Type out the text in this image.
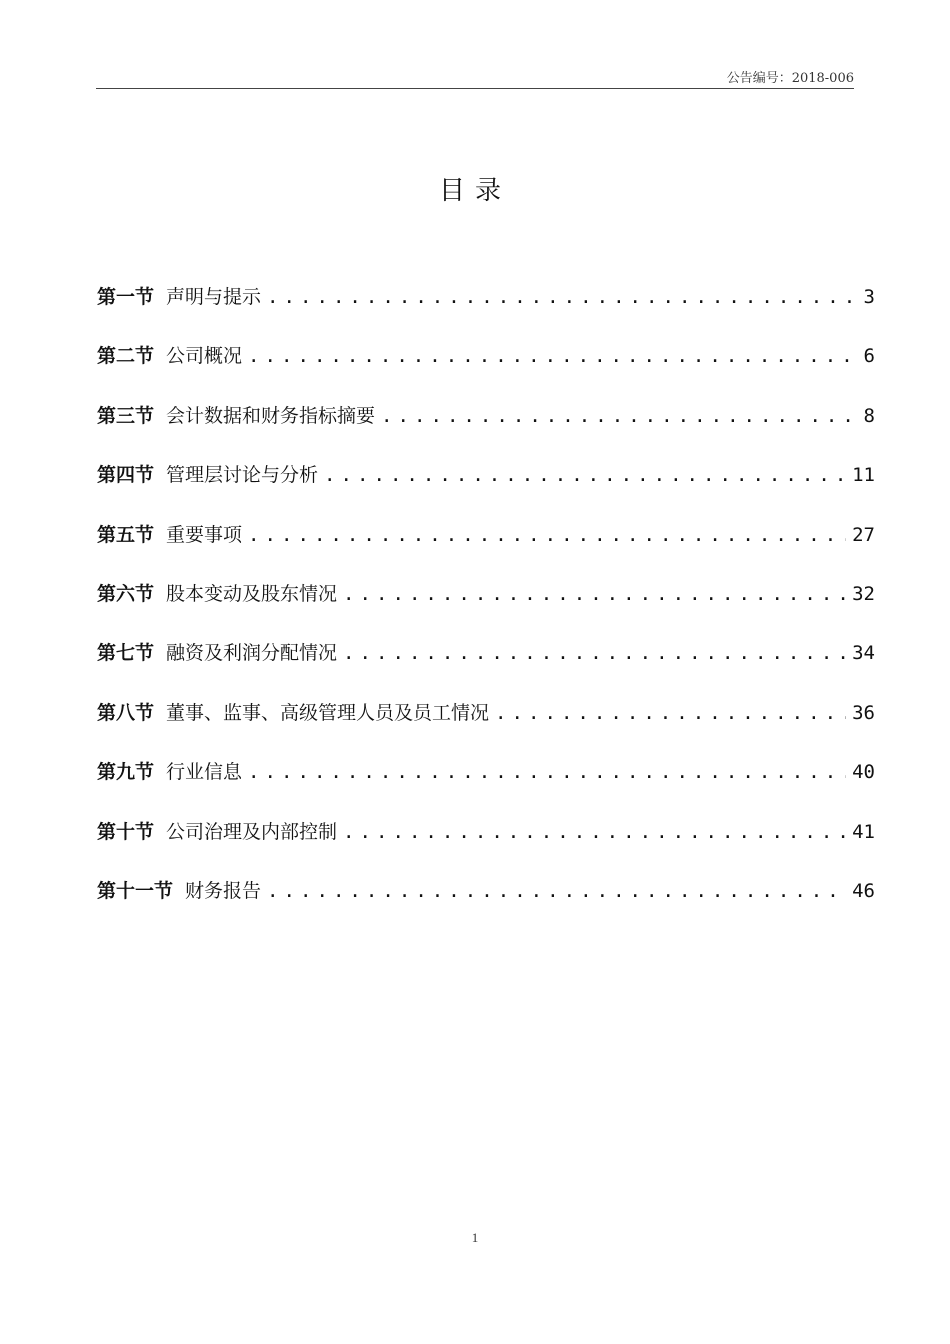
公告编号：2018-006
目录
第一节 声明与提示 . . .	3
第二节 公司概况 . . .	6
第三节 会计数据和财务指标摘要 . . .	8
第四节 管理层讨论与分析 . . .	11
第五节 重要事项 . . .	27
第六节 股本变动及股东情况 . . .	32
第七节 融资及利润分配情况 . . .	34
第八节 董事、监事、高级管理人员及员工情况 . . .	36
第九节 行业信息 . . .	40
第十节 公司治理及内部控制 . . .	41
第十一节 财务报告 . . .	46
1
